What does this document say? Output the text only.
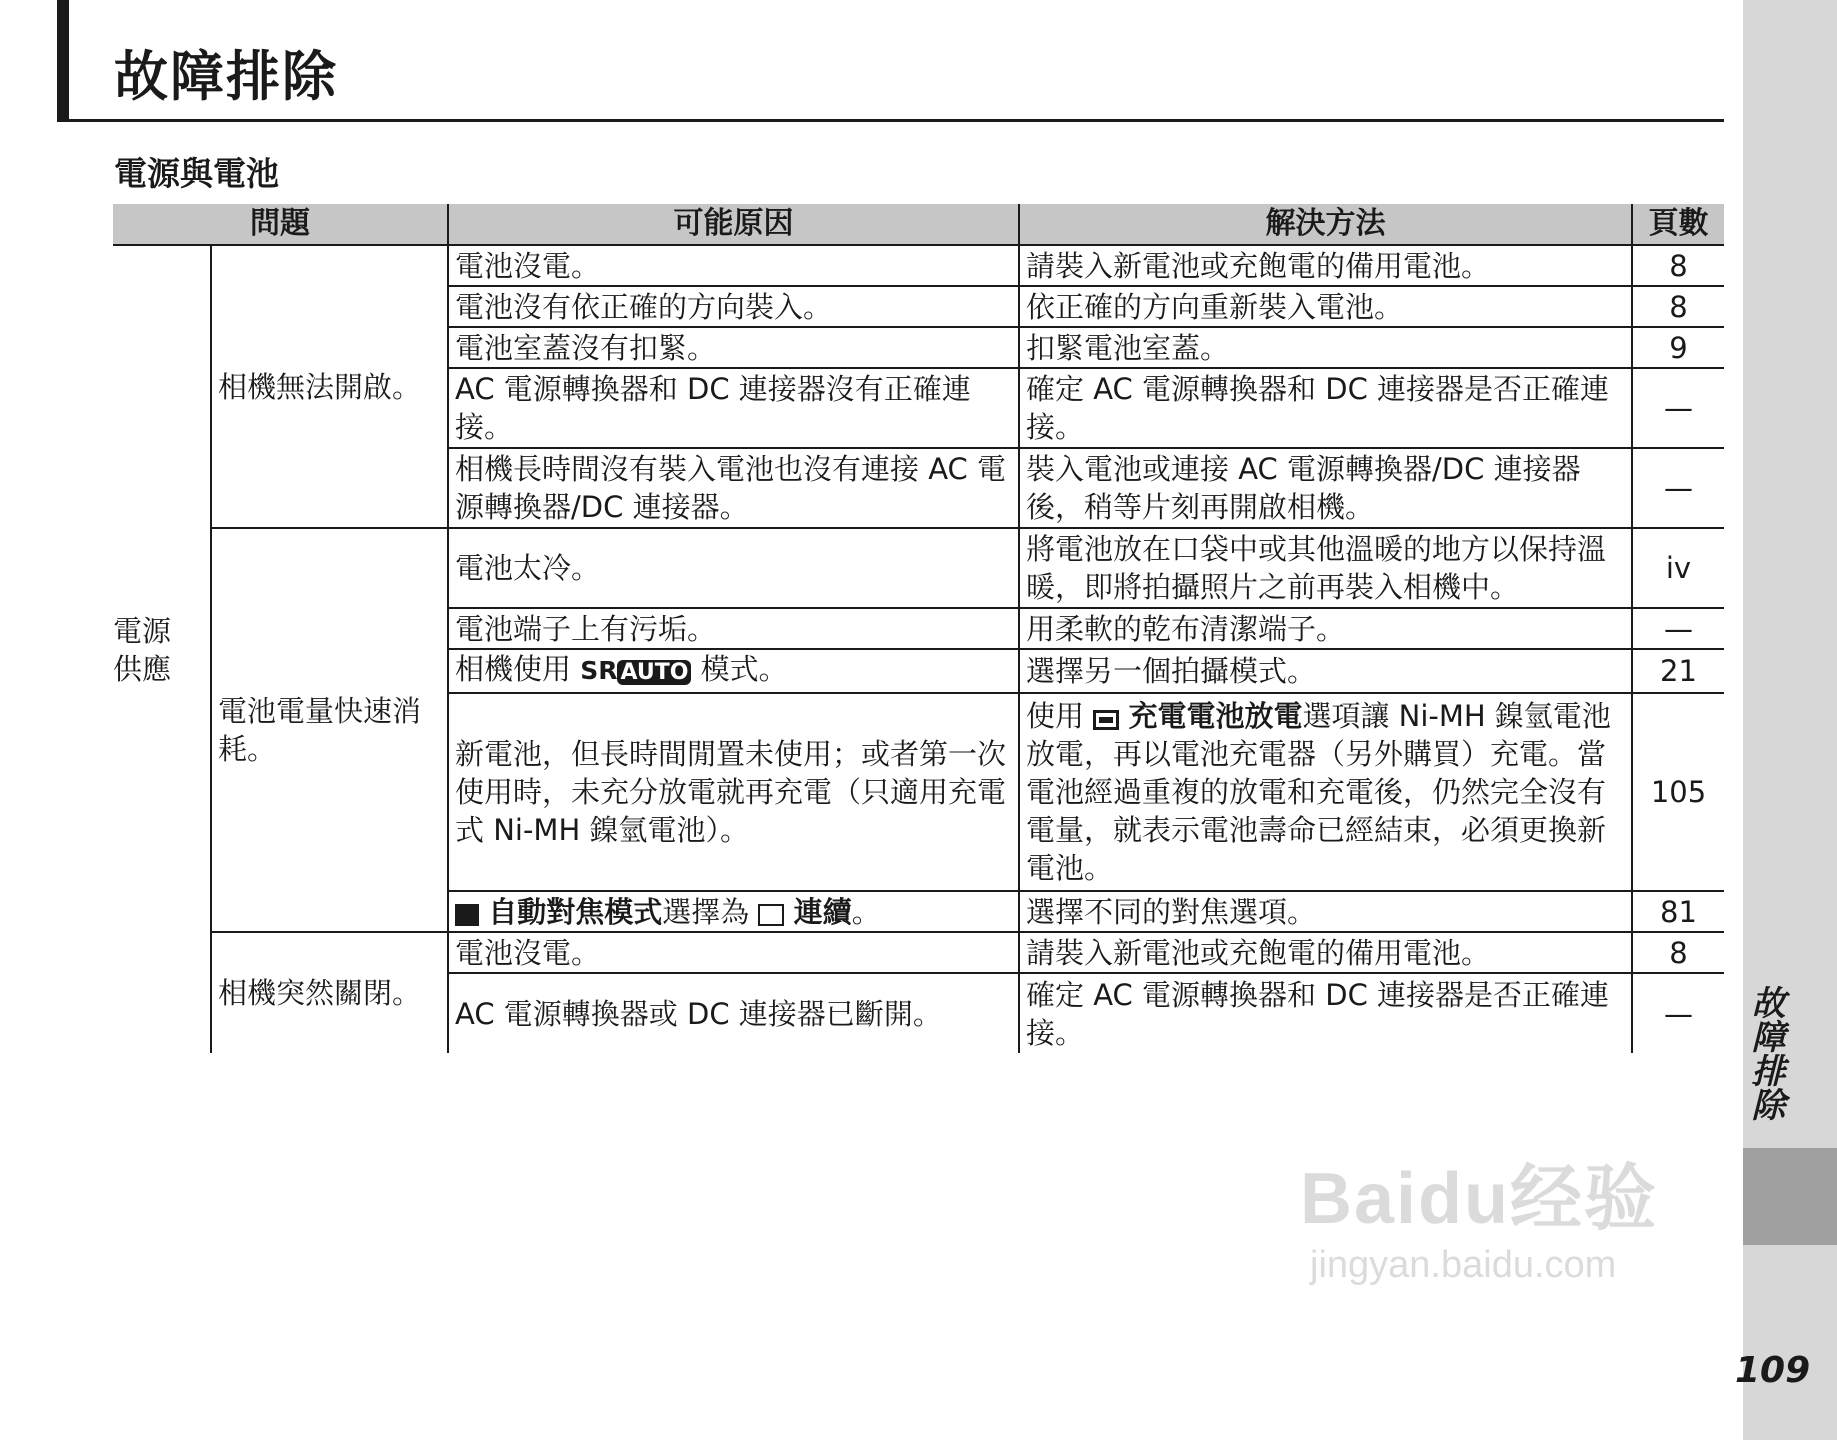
故障排除
電源與電池
問題		可能原因	解決方法	頁數
電源
供應	相機無法開啟。	電池沒電。	請裝入新電池或充飽電的備用電池。	8
		電池沒有依正確的方向裝入。	依正確的方向重新裝入電池。	8
		電池室蓋沒有扣緊。	扣緊電池室蓋。	9
		AC 電源轉換器和 DC 連接器沒有正確連接。	確定 AC 電源轉換器和 DC 連接器是否正確連接。	—
		相機長時間沒有裝入電池也沒有連接 AC 電源轉換器/DC 連接器。	裝入電池或連接 AC 電源轉換器/DC 連接器後，稍等片刻再開啟相機。	—
	電池電量快速消耗。	電池太冷。	將電池放在口袋中或其他溫暖的地方以保持溫暖，即將拍攝照片之前再裝入相機中。	iv
		電池端子上有污垢。	用柔軟的乾布清潔端子。	—
		相機使用 SR AUTO 模式。	選擇另一個拍攝模式。	21
		新電池，但長時間閒置未使用；或者第一次使用時，未充分放電就再充電（只適用充電式 Ni-MH 鎳氫電池）。	使用  充電電池放電選項讓 Ni-MH 鎳氫電池放電，再以電池充電器（另外購買）充電。當電池經過重複的放電和充電後，仍然完全沒有電量，就表示電池壽命已經結束，必須更換新電池。	105
		自動對焦模式選擇為  連續。	選擇不同的對焦選項。	81
	相機突然關閉。	電池沒電。	請裝入新電池或充飽電的備用電池。	8
		AC 電源轉換器或 DC 連接器已斷開。	確定 AC 電源轉換器和 DC 連接器是否正確連接。	— 故障排除
109
Baidu经验
jingyan.baidu.com
